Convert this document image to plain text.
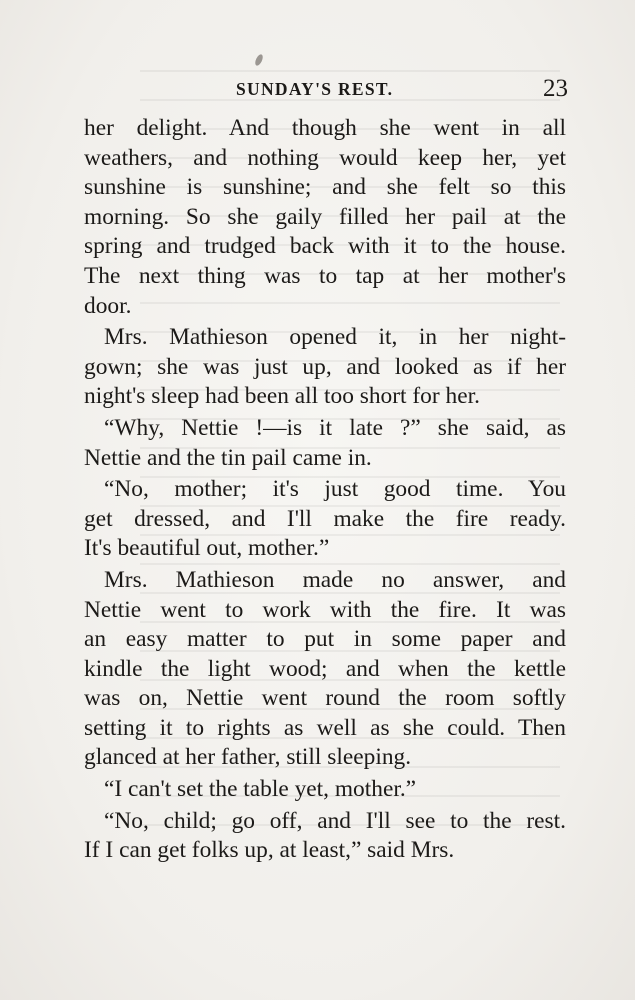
SUNDAY'S REST.	23
her delight. And though she went in all
weathers, and nothing would keep her, yet
sunshine is sunshine; and she felt so this
morning. So she gaily filled her pail at the
spring and trudged back with it to the house.
The next thing was to tap at her mother's
door.
Mrs. Mathieson opened it, in her night-
gown; she was just up, and looked as if her
night's sleep had been all too short for her.
“Why, Nettie !—is it late ?” she said, as
Nettie and the tin pail came in.
“No, mother; it's just good time. You
get dressed, and I'll make the fire ready.
It's beautiful out, mother.”
Mrs. Mathieson made no answer, and
Nettie went to work with the fire. It was
an easy matter to put in some paper and
kindle the light wood; and when the kettle
was on, Nettie went round the room softly
setting it to rights as well as she could. Then
glanced at her father, still sleeping.
“I can't set the table yet, mother.”
“No, child; go off, and I'll see to the rest.
If I can get folks up, at least,” said Mrs.
